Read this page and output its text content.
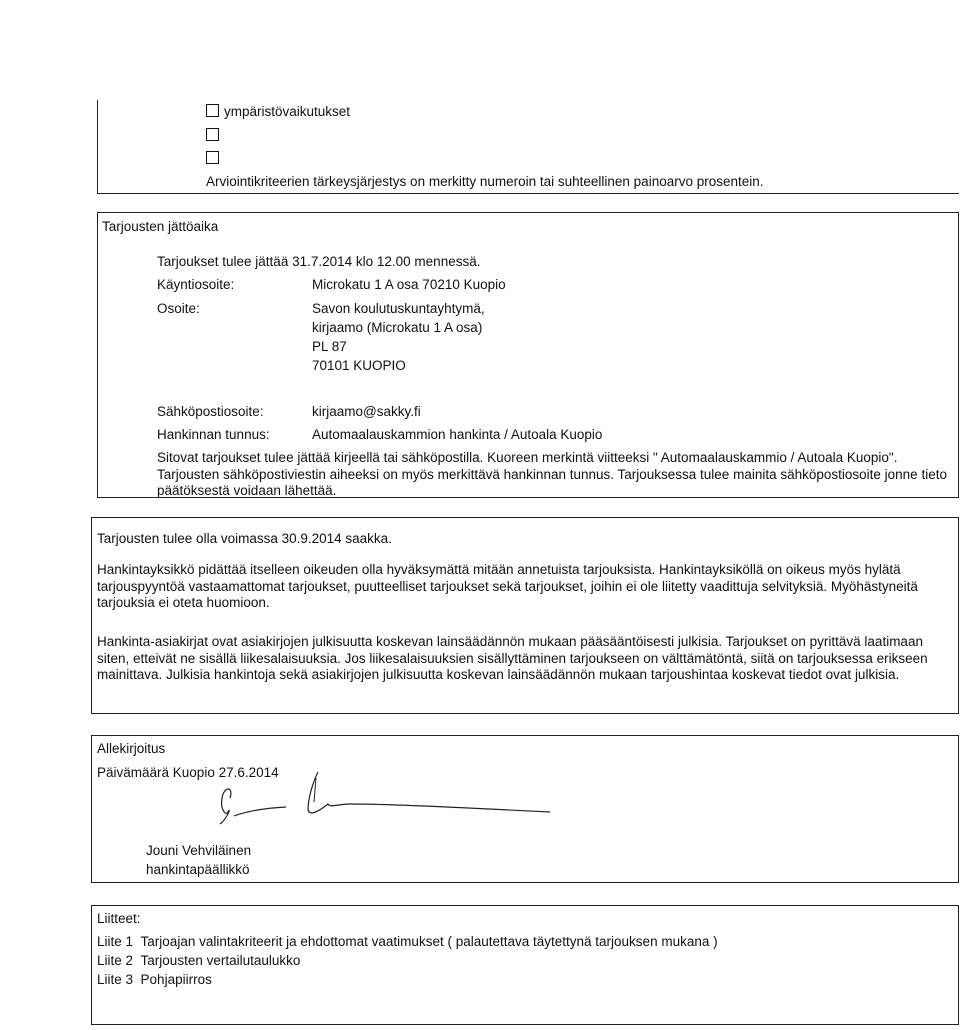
ympäristövaikutukset
Arviointikriteerien tärkeysjärjestys on merkitty numeroin tai suhteellinen painoarvo prosentein.
Tarjousten jättöaika
Tarjoukset tulee jättää 31.7.2014 klo 12.00 mennessä.
Käyntiosoite:	Microkatu 1 A osa 70210 Kuopio
Osoite:	Savon koulutuskuntayhtymä,
kirjaamo (Microkatu 1 A osa)
PL 87
70101 KUOPIO
Sähköpostiosoite:	kirjaamo@sakky.fi
Hankinnan tunnus:	Automaalauskammion hankinta / Autoala Kuopio
Sitovat tarjoukset tulee jättää kirjeellä tai sähköpostilla. Kuoreen merkintä viitteeksi " Automaalauskammio / Autoala Kuopio". Tarjousten sähköpostiviestin aiheeksi on myös merkittävä hankinnan tunnus. Tarjouksessa tulee mainita sähköpostiosoite jonne tieto päätöksestä voidaan lähettää.
Tarjousten tulee olla voimassa 30.9.2014 saakka.
Hankintayksikkö pidättää itselleen oikeuden olla hyväksymättä mitään annetuista tarjouksista. Hankintayksiköllä on oikeus myös hylätä tarjouspyyntöä vastaamattomat tarjoukset, puutteelliset tarjoukset sekä tarjoukset, joihin ei ole liitetty vaadittuja selvityksiä. Myöhästyneitä tarjouksia ei oteta huomioon.
Hankinta-asiakirjat ovat asiakirjojen julkisuutta koskevan lainsäädännön mukaan pääsääntöisesti julkisia. Tarjoukset on pyrittävä laatimaan siten, etteivät ne sisällä liikesalaisuuksia. Jos liikesalaisuuksien sisällyttäminen tarjoukseen on välttämätöntä, siitä on tarjouksessa erikseen mainittava. Julkisia hankintoja sekä asiakirjojen julkisuutta koskevan lainsäädännön mukaan tarjoushintaa koskevat tiedot ovat julkisia.
Allekirjoitus
Päivämäärä Kuopio 27.6.2014
Jouni Vehviläinen
hankintapäällikkö
Liitteet:
Liite 1 Tarjoajan valintakriteerit ja ehdottomat vaatimukset ( palautettava täytettynä tarjouksen mukana )
Liite 2 Tarjousten vertailutaulukko
Liite 3 Pohjapiirros
